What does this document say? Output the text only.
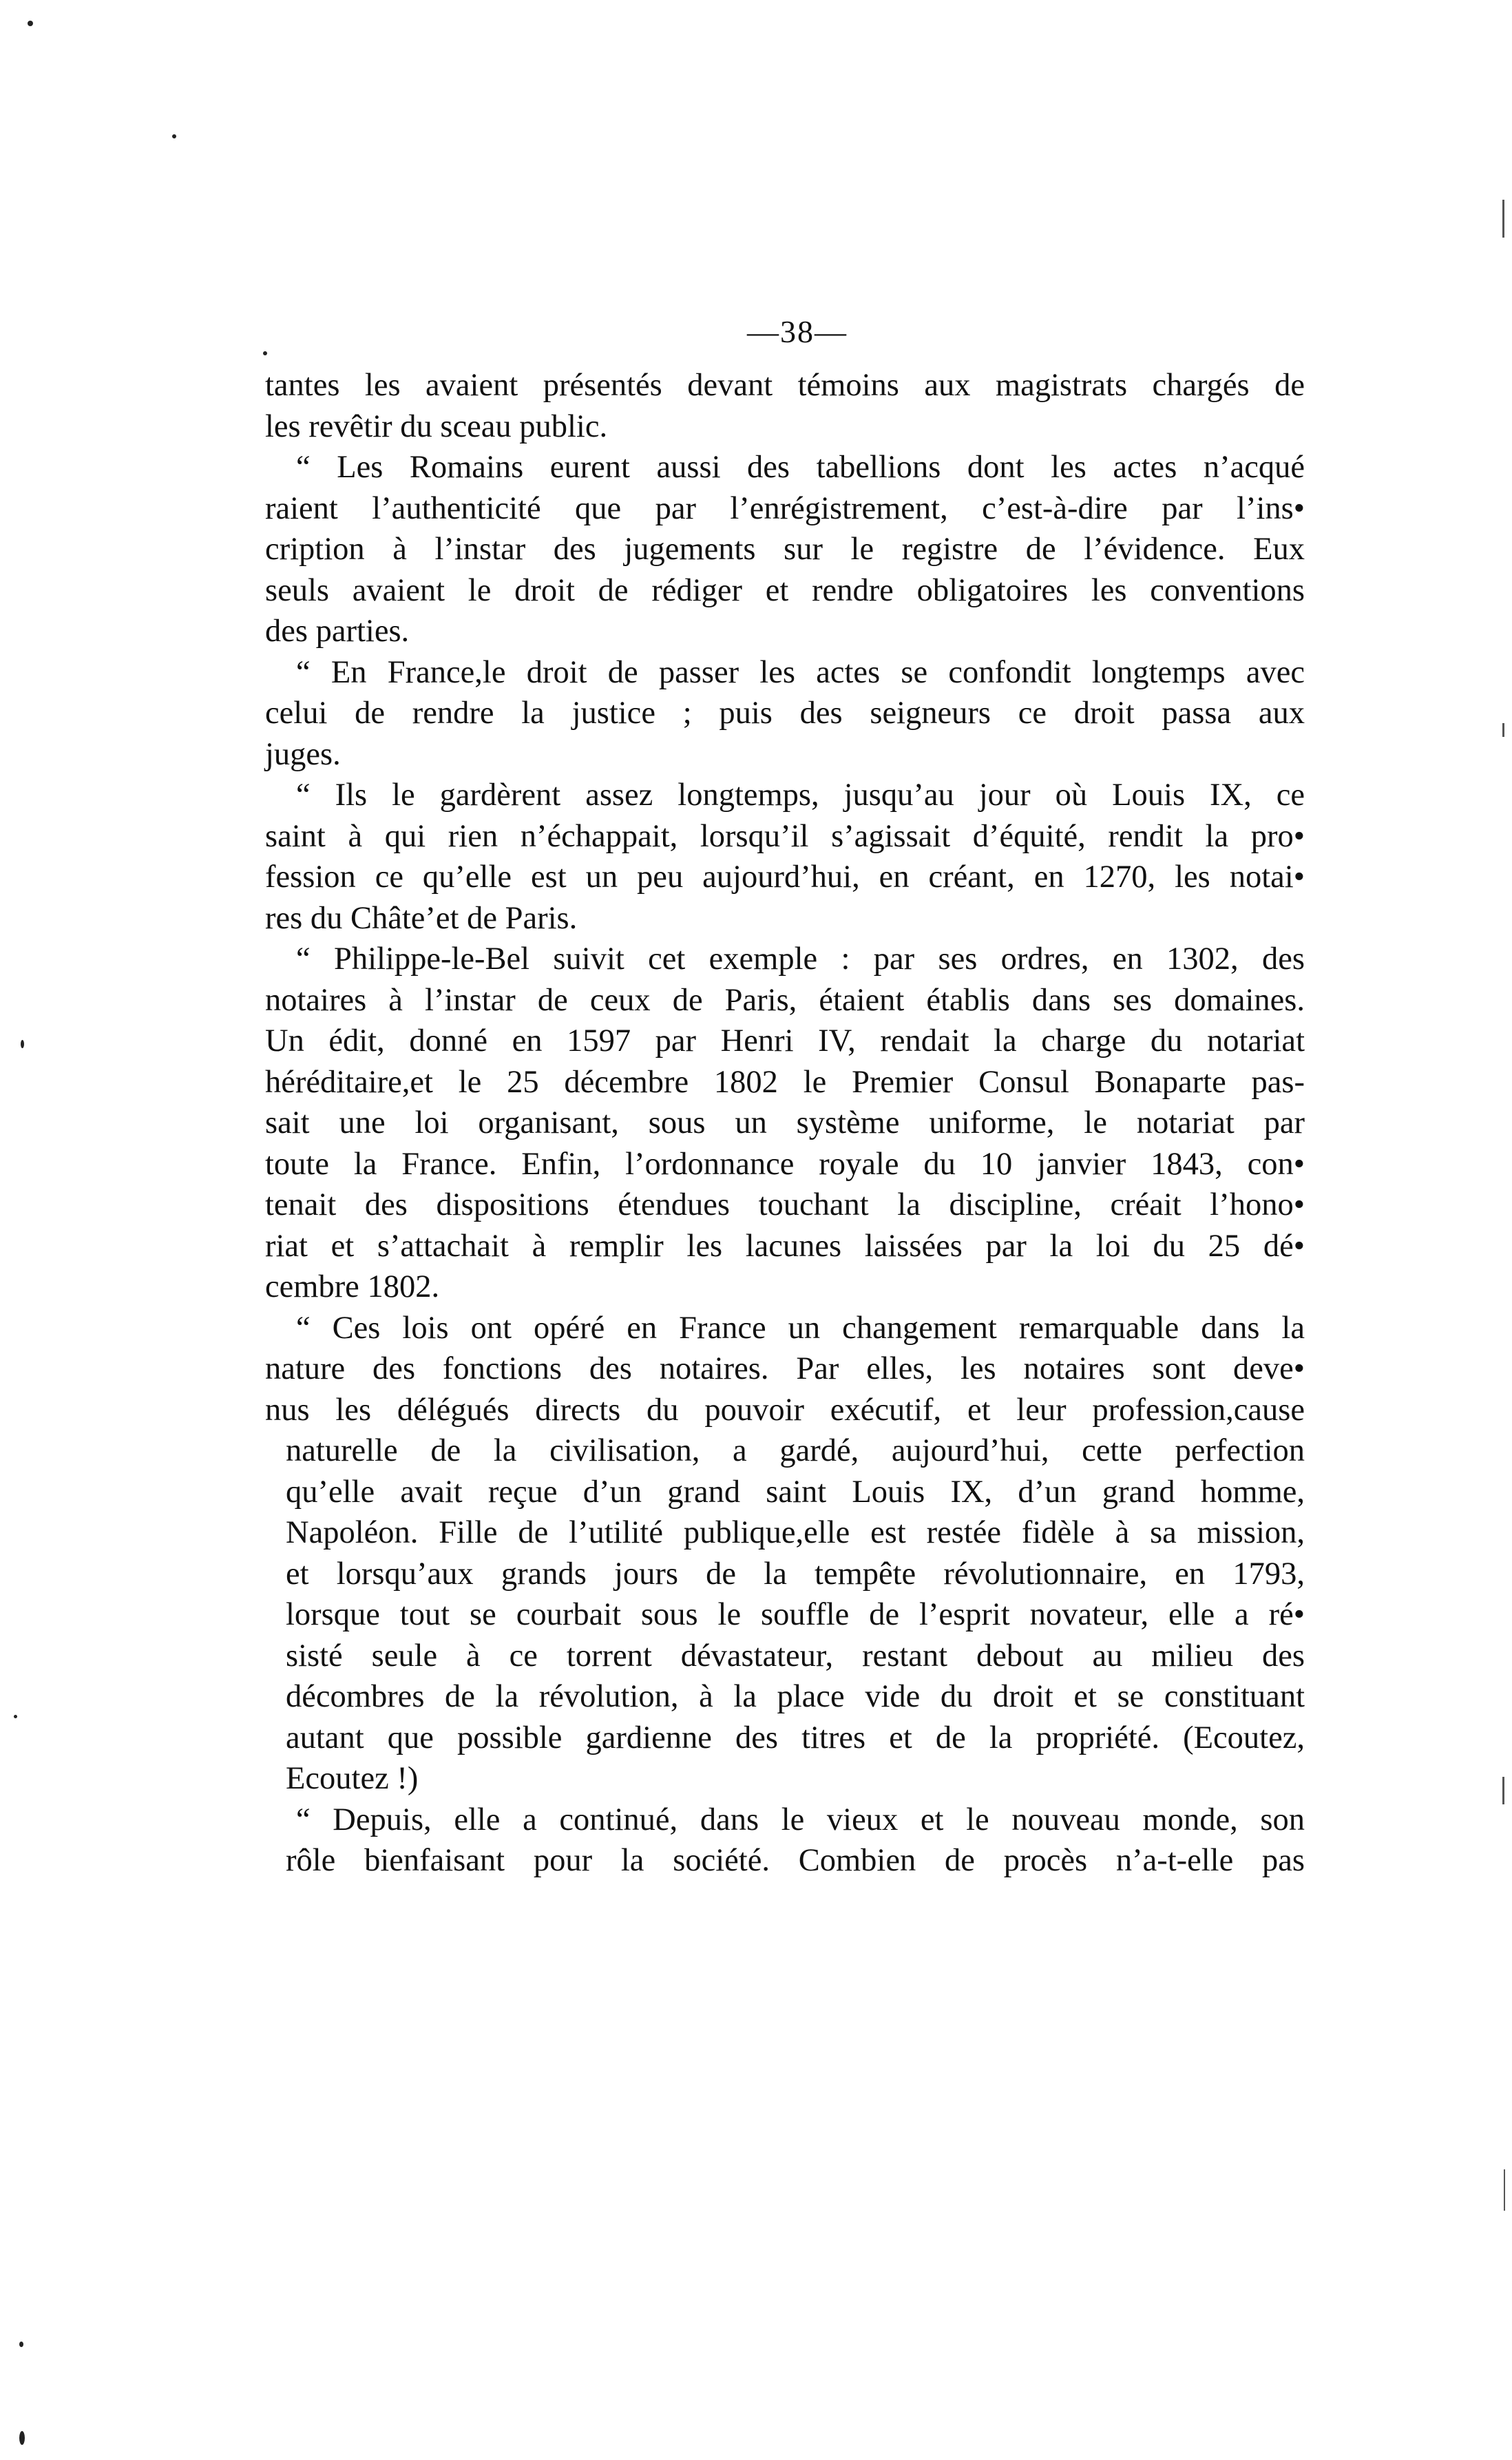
—38—
tantes les avaient présentés devant témoins aux magistrats chargés de
les revêtir du sceau public.
“ Les Romains eurent aussi des tabellions dont les actes n’acqué
raient l’authenticité que par l’enrégistrement, c’est-à-dire par l’ins•
cription à l’instar des jugements sur le registre de l’évidence. Eux
seuls avaient le droit de rédiger et rendre obligatoires les conventions
des parties.
“ En France,le droit de passer les actes se confondit longtemps avec
celui de rendre la justice ; puis des seigneurs ce droit passa aux
juges.
“ Ils le gardèrent assez longtemps, jusqu’au jour où Louis IX, ce
saint à qui rien n’échappait, lorsqu’il s’agissait d’équité, rendit la pro•
fession ce qu’elle est un peu aujourd’hui, en créant, en 1270, les notai•
res du Châte’et de Paris.
“ Philippe-le-Bel suivit cet exemple : par ses ordres, en 1302, des
notaires à l’instar de ceux de Paris, étaient établis dans ses domaines.
Un édit, donné en 1597 par Henri IV, rendait la charge du notariat
héréditaire,et le 25 décembre 1802 le Premier Consul Bonaparte pas-
sait une loi organisant, sous un système uniforme, le notariat par
toute la France. Enfin, l’ordonnance royale du 10 janvier 1843, con•
tenait des dispositions étendues touchant la discipline, créait l’hono•
riat et s’attachait à remplir les lacunes laissées par la loi du 25 dé•
cembre 1802.
“ Ces lois ont opéré en France un changement remarquable dans la
nature des fonctions des notaires. Par elles, les notaires sont deve•
nus les délégués directs du pouvoir exécutif, et leur profession,cause
naturelle de la civilisation, a gardé, aujourd’hui, cette perfection
qu’elle avait reçue d’un grand saint Louis IX, d’un grand homme,
Napoléon. Fille de l’utilité publique,elle est restée fidèle à sa mission,
et lorsqu’aux grands jours de la tempête révolutionnaire, en 1793,
lorsque tout se courbait sous le souffle de l’esprit novateur, elle a ré•
sisté seule à ce torrent dévastateur, restant debout au milieu des
décombres de la révolution, à la place vide du droit et se constituant
autant que possible gardienne des titres et de la propriété. (Ecoutez,
Ecoutez !)
“ Depuis, elle a continué, dans le vieux et le nouveau monde, son
rôle bienfaisant pour la société. Combien de procès n’a-t-elle pas
